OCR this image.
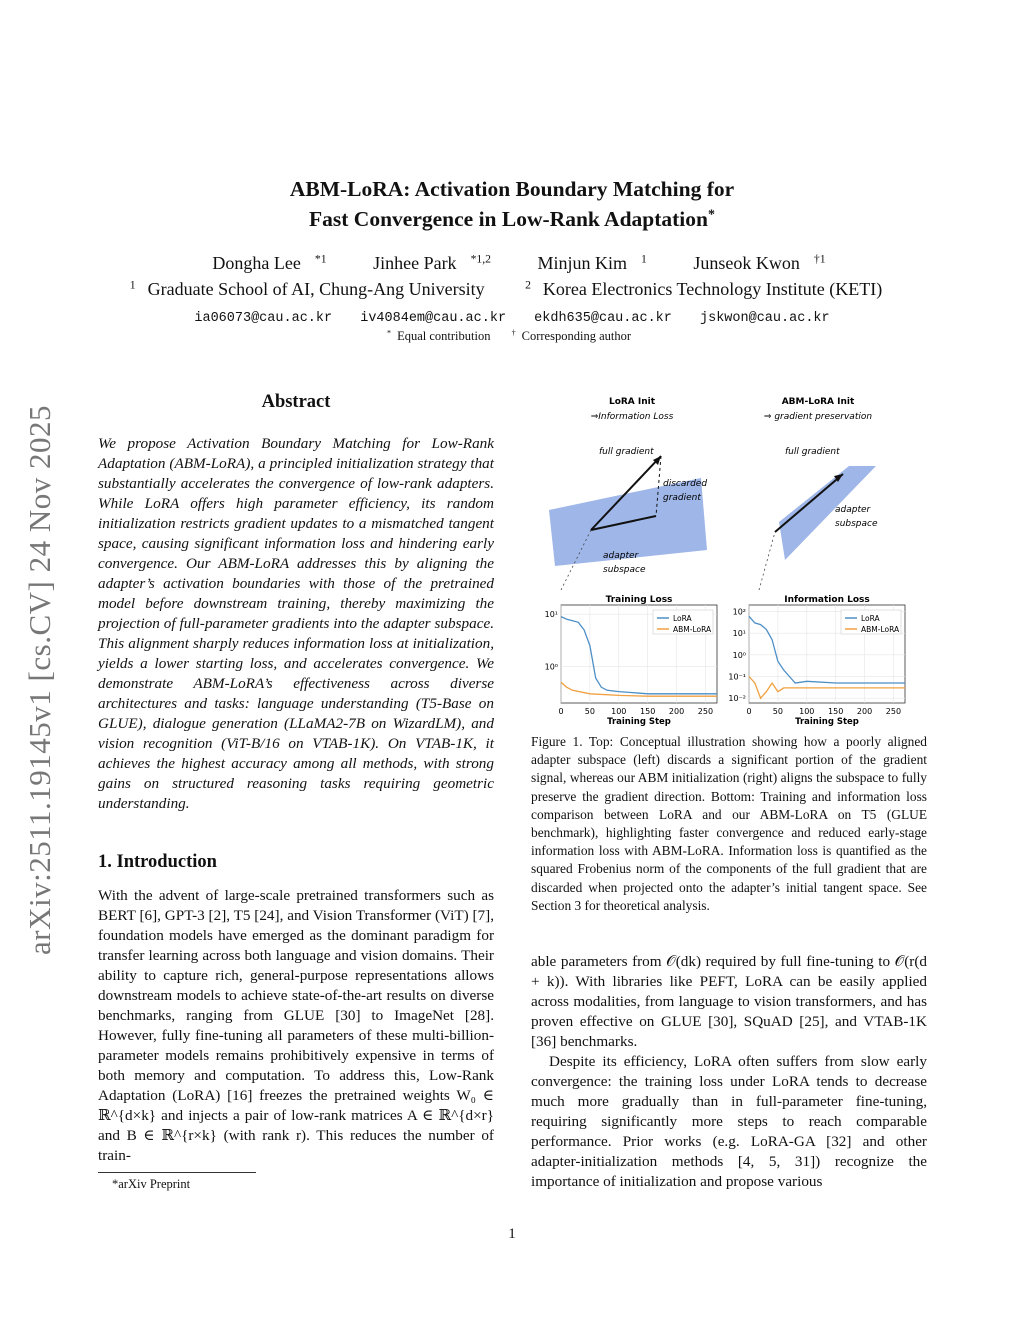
arXiv:2511.19145v1 [cs.CV] 24 Nov 2025
ABM-LoRA: Activation Boundary Matching for
Fast Convergence in Low-Rank Adaptation*
Dongha Lee $^{*1}$	Jinhee Park $^{*1,2}$	Minjun Kim $^1$	Junseok Kwon $^{\dagger 1}$
$^1$ Graduate School of AI, Chung-Ang University	$^2$ Korea Electronics Technology Institute (KETI)
ia06073@cau.ac.kr iv4084em@cau.ac.kr ekdh635@cau.ac.kr jskwon@cau.ac.kr
* Equal contribution	† Corresponding author
Abstract
We propose Activation Boundary Matching for Low-Rank Adaptation (ABM-LoRA), a principled initialization strategy that substantially accelerates the convergence of low-rank adapters. While LoRA offers high parameter efficiency, its random initialization restricts gradient updates to a mismatched tangent space, causing significant information loss and hindering early convergence. Our ABM-LoRA addresses this by aligning the adapter’s activation boundaries with those of the pretrained model before downstream training, thereby maximizing the projection of full-parameter gradients into the adapter subspace. This alignment sharply reduces information loss at initialization, yields a lower starting loss, and accelerates convergence. We demonstrate ABM-LoRA’s effectiveness across diverse architectures and tasks: language understanding (T5-Base on GLUE), dialogue generation (LLaMA2-7B on WizardLM), and vision recognition (ViT-B/16 on VTAB-1K). On VTAB-1K, it achieves the highest accuracy among all methods, with strong gains on structured reasoning tasks requiring geometric understanding.
1. Introduction

With the advent of large-scale pretrained transformers such as BERT [6], GPT-3 [2], T5 [24], and Vision Transformer (ViT) [7], foundation models have emerged as the dominant paradigm for transfer learning across both language and vision domains. Their ability to capture rich, general-purpose representations allows downstream models to achieve state-of-the-art results on diverse benchmarks, ranging from GLUE [30] to ImageNet [28]. However, fully fine-tuning all parameters of these multi-billion-parameter models remains prohibitively expensive in terms of both memory and computation. To address this, Low-Rank Adaptation (LoRA) [16] freezes the pretrained weights W₀ ∈ ℝ^{d×k} and injects a pair of low-rank matrices A ∈ ℝ^{d×r} and B ∈ ℝ^{r×k} (with rank r). This reduces the number of train-

*arXiv Preprint
LoRA Init
⇒Information Loss
full gradient
discarded
gradient
adapter
subspace
ABM-LoRA Init
⇒ gradient preservation
full gradient
adapter
subspace
Training Loss
Training Step
0	50 100 150 200 250
10¹
10⁰
LoRA
ABM-LoRA
Information Loss
Training Step
0	50 100 150 200 250
10²
10¹
10⁰
10⁻¹
10⁻²
LoRA
ABM-LoRA
Figure 1. Top: Conceptual illustration showing how a poorly aligned adapter subspace (left) discards a significant portion of the gradient signal, whereas our ABM initialization (right) aligns the subspace to fully preserve the gradient direction. Bottom: Training and information loss comparison between LoRA and our ABM-LoRA on T5 (GLUE benchmark), highlighting faster convergence and reduced early-stage information loss with ABM-LoRA. Information loss is quantified as the squared Frobenius norm of the components of the full gradient that are discarded when projected onto the adapter’s initial tangent space. See Section 3 for theoretical analysis.

able parameters from 𝒪(dk) required by full fine-tuning to 𝒪(r(d + k)). With libraries like PEFT, LoRA can be easily applied across modalities, from language to vision transformers, and has proven effective on GLUE [30], SQuAD [25], and VTAB-1K [36] benchmarks.

Despite its efficiency, LoRA often suffers from slow early convergence: the training loss under LoRA tends to decrease much more gradually than in full-parameter fine-tuning, requiring significantly more steps to reach comparable performance. Prior works (e.g. LoRA-GA [32] and other adapter-initialization methods [4, 5, 31]) recognize the importance of initialization and propose various

1
